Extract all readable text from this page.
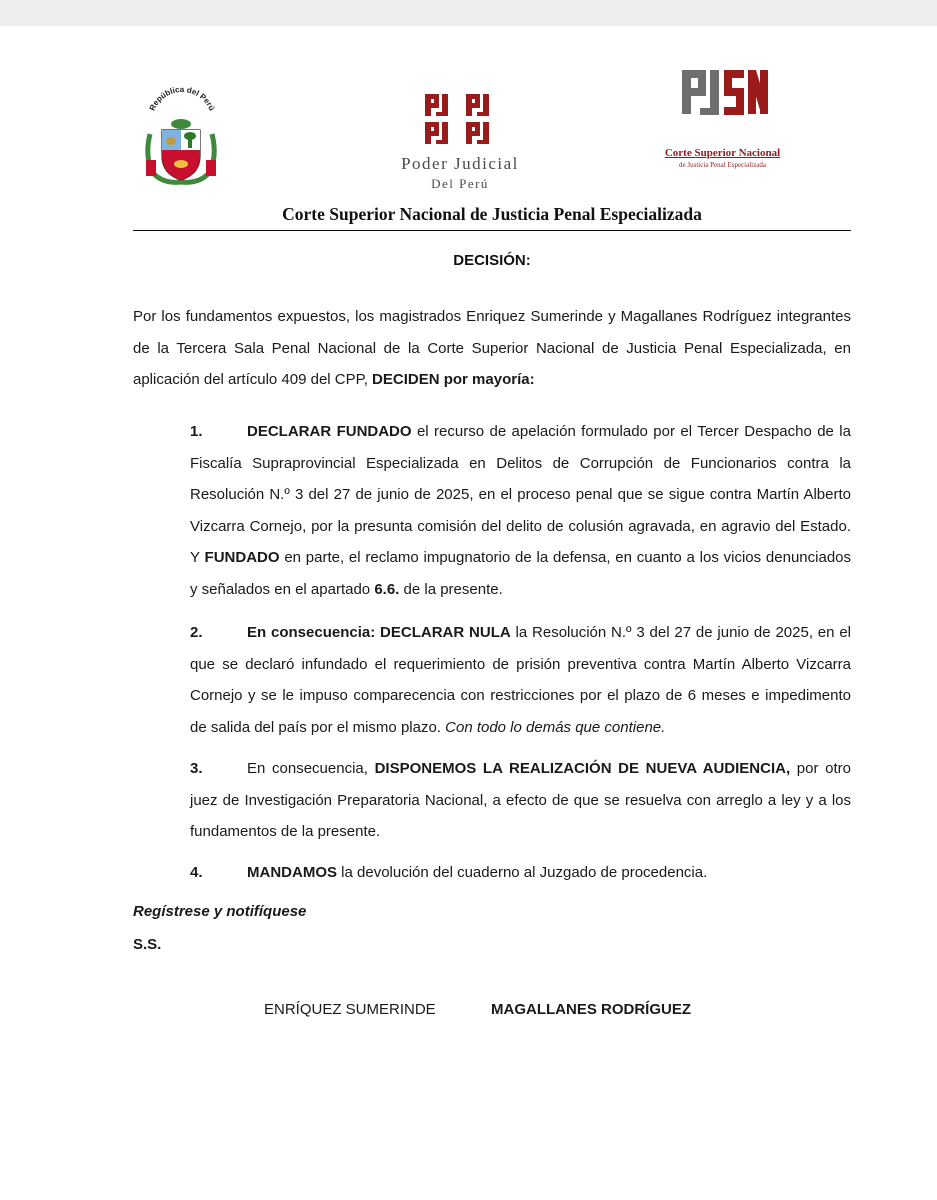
República del Perú
Poder Judicial
Del Perú
Corte Superior Nacional
de Justicia Penal Especializada
Corte Superior Nacional de Justicia Penal Especializada
DECISIÓN:
Por los fundamentos expuestos, los magistrados Enriquez Sumerinde y Magallanes Rodríguez integrantes de la Tercera Sala Penal Nacional de la Corte Superior Nacional de Justicia Penal Especializada, en aplicación del artículo 409 del CPP, DECIDEN por mayoría:
1.	DECLARAR FUNDADO el recurso de apelación formulado por el Tercer Despacho de la Fiscalía Supraprovincial Especializada en Delitos de Corrupción de Funcionarios contra la Resolución N.º 3 del 27 de junio de 2025, en el proceso penal que se sigue contra Martín Alberto Vizcarra Cornejo, por la presunta comisión del delito de colusión agravada, en agravio del Estado. Y FUNDADO en parte, el reclamo impugnatorio de la defensa, en cuanto a los vicios denunciados y señalados en el apartado 6.6. de la presente.
2.	En consecuencia: DECLARAR NULA la Resolución N.º 3 del 27 de junio de 2025, en el que se declaró infundado el requerimiento de prisión preventiva contra Martín Alberto Vizcarra Cornejo y se le impuso comparecencia con restricciones por el plazo de 6 meses e impedimento de salida del país por el mismo plazo. Con todo lo demás que contiene.
3.	En consecuencia, DISPONEMOS LA REALIZACIÓN DE NUEVA AUDIENCIA, por otro juez de Investigación Preparatoria Nacional, a efecto de que se resuelva con arreglo a ley y a los fundamentos de la presente.
4.	MANDAMOS la devolución del cuaderno al Juzgado de procedencia.
Regístrese y notifíquese
S.S.
ENRÍQUEZ SUMERINDE	MAGALLANES RODRÍGUEZ
